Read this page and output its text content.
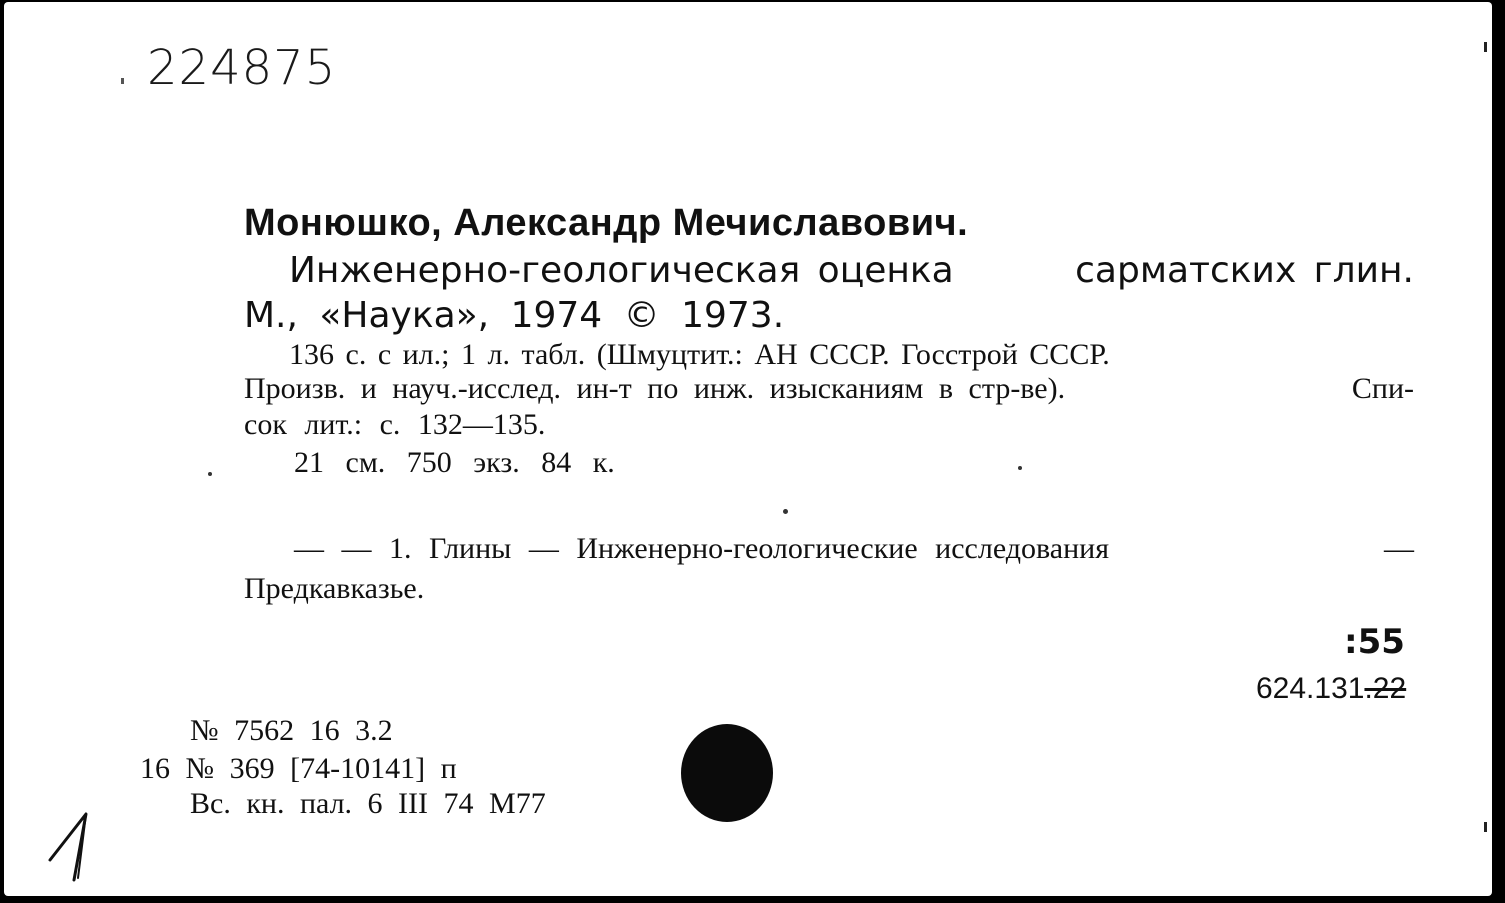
224875
Монюшко, Александр Мечиславович.
Инженерно-геологическая оценка	сарматских глин.
М., «Наука», 1974 © 1973.
136 с. с ил.; 1 л. табл. (Шмуцтит.: АН СССР. Госстрой СССР.
Произв. и науч.-исслед. ин-т по инж. изысканиям в стр-ве).	Спи-
сок лит.: с. 132—135.
21 см. 750 экз. 84 к.
— — 1. Глины — Инженерно-геологические исследования	—
Предкавказье.
:55
624.131.22
№ 7562 16 3.2
16 № 369 [74-10141] п
Вс. кн. пал. 6 III 74 М77
